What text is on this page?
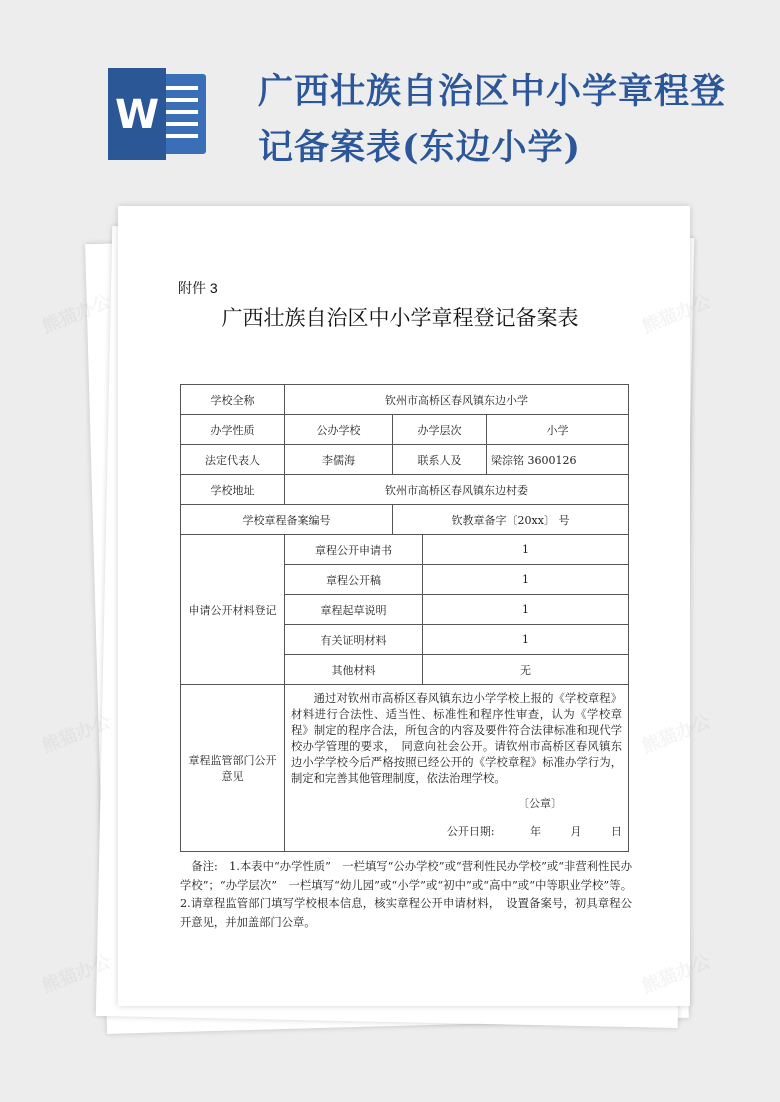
W
广西壮族自治区中小学章程登记备案表(东边小学)
附件 3
广西壮族自治区中小学章程登记备案表
学校全称	钦州市高桥区春风镇东边小学			
办学性质	公办学校	办学层次		小学
法定代表人	李儒海	联系人及		梁淙铭 3600126
学校地址	钦州市高桥区春风镇东边村委			
学校章程备案编号		钦教章备字〔20xx〕 号		
申请公开材料登记	章程公开申请书		1	
	章程公开稿		1	
	章程起草说明		1	
	有关证明材料		1	
	其他材料		无	
章程监管部门公开意见	通过对钦州市高桥区春风镇东边小学学校上报的《学校章程》材料进行合法性、适当性、标准性和程序性审查，认为《学校章程》制定的程序合法，所包含的内容及要件符合法律标准和现代学校办学管理的要求，　同意向社会公开。请钦州市高桥区春风镇东边小学学校今后严格按照已经公开的《学校章程》标准办学行为，制定和完善其他管理制度，依法治理学校。
〔公章〕
公开日期: 年 月 日			
备注:　1.本表中“办学性质”　一栏填写“公办学校”或“营利性民办学校”或“非营利性民办学校”；“办学层次”　一栏填写“幼儿园”或“小学”或“初中”或“高中”或“中等职业学校”等。2.请章程监管部门填写学校根本信息，核实章程公开申请材料，　设置备案号，初具章程公开意见，并加盖部门公章。
熊猫办公
熊猫办公
熊猫办公
